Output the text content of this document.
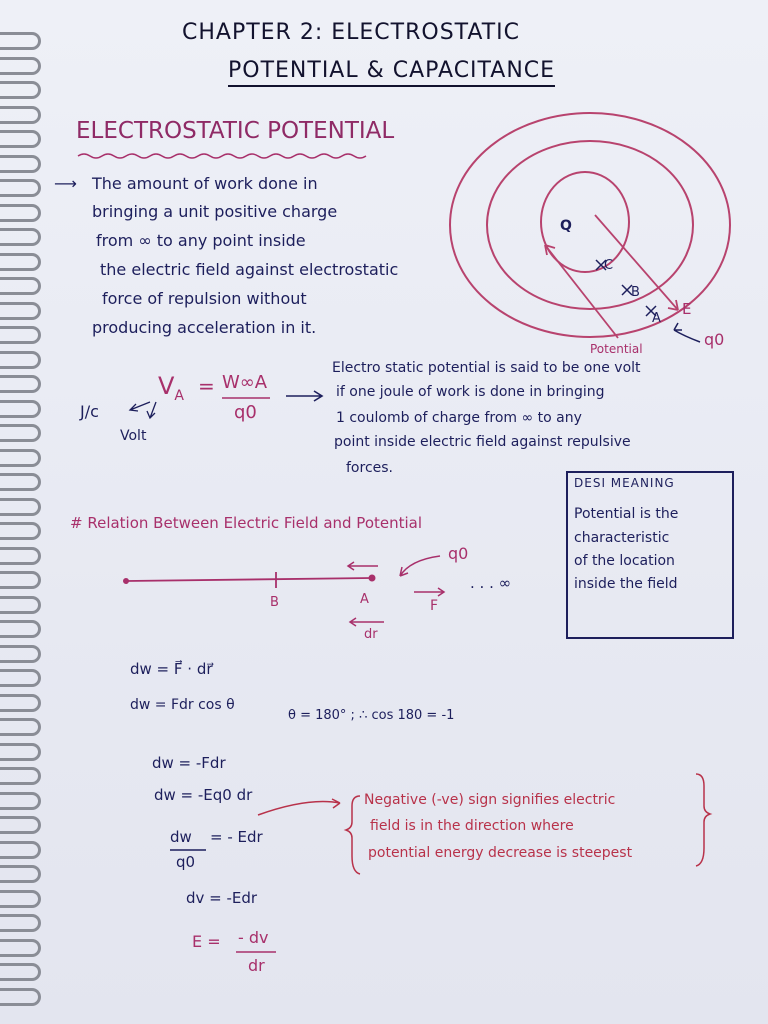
CHAPTER 2: ELECTROSTATIC
POTENTIAL & CAPACITANCE
ELECTROSTATIC POTENTIAL
⟶ The amount of work done in
bringing a unit positive charge
from ∞ to any point inside
the electric field against electrostatic
force of repulsion without
producing acceleration in it.
Q
C
B
A
E
q0
Potential
$V_A = W\infty A$
q0
J/c
Volt
Electro static potential is said to be one volt
if one joule of work is done in bringing
1 coulomb of charge from ∞ to any
point inside electric field against repulsive
forces.
DESI MEANING
Potential is the
characteristic
of the location
inside the field
# Relation Between Electric Field and Potential
q0
B	A	F
. . . ∞
dr
dw = F⃗ · dr⃗
dw = Fdr cos θ
θ = 180° ; ∴ cos 180 = -1
dw = -Fdr
dw = -Eq0 dr
dw
q0
= - Edr
dv = -Edr
E = - dv
dr
Negative (-ve) sign signifies electric
field is in the direction where
potential energy decrease is steepest
